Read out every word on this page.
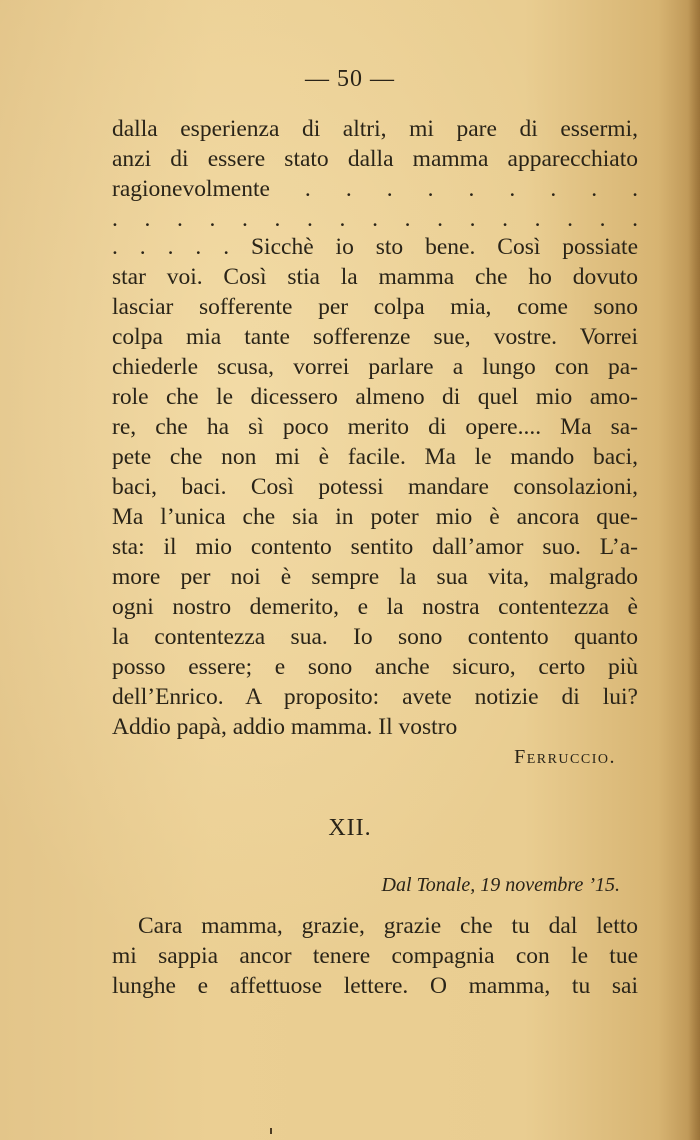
— 50 —
dalla esperienza di altri, mi pare di essermi,
anzi di essere stato dalla mamma apparecchiato
ragionevolmente . . . . . . . . .
. . . . . . . . . . . . . . . . .
. . . . . Sicchè io sto bene. Così possiate
star voi. Così stia la mamma che ho dovuto
lasciar sofferente per colpa mia, come sono
colpa mia tante sofferenze sue, vostre. Vorrei
chiederle scusa, vorrei parlare a lungo con pa-
role che le dicessero almeno di quel mio amo-
re, che ha sì poco merito di opere.... Ma sa-
pete che non mi è facile. Ma le mando baci,
baci, baci. Così potessi mandare consolazioni,
Ma l’unica che sia in poter mio è ancora que-
sta: il mio contento sentito dall’amor suo. L’a-
more per noi è sempre la sua vita, malgrado
ogni nostro demerito, e la nostra contentezza è
la contentezza sua. Io sono contento quanto
posso essere; e sono anche sicuro, certo più
dell’Enrico. A proposito: avete notizie di lui?
Addio papà, addio mamma. Il vostro
Ferruccio.
XII.
Dal Tonale, 19 novembre ’15.
Cara mamma, grazie, grazie che tu dal letto
mi sappia ancor tenere compagnia con le tue
lunghe e affettuose lettere. O mamma, tu sai
